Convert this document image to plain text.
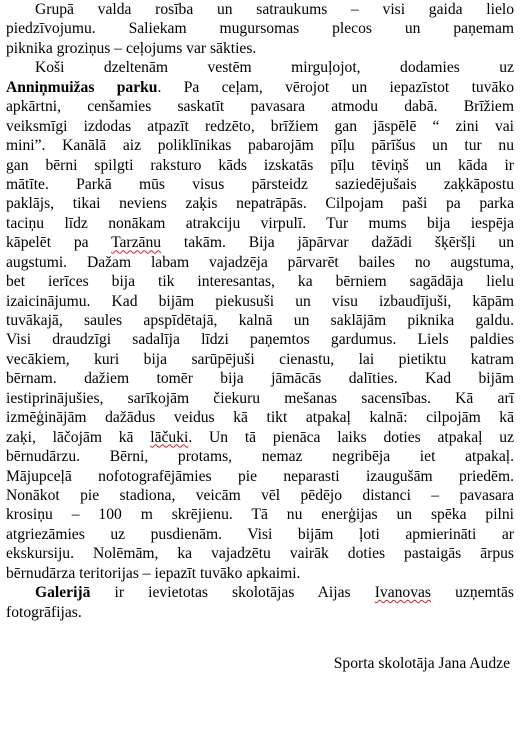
Grupā valda rosība un satraukums – visi gaida lielo
piedzīvojumu. Saliekam mugursomas plecos un paņemam
piknika groziņus – ceļojums var sākties.
Koši dzeltenām vestēm mirguļojot, dodamies uz
Anniņmuižas parku. Pa ceļam, vērojot un iepazīstot tuvāko
apkārtni, cenšamies saskatīt pavasara atmodu dabā. Brīžiem
veiksmīgi izdodas atpazīt redzēto, brīžiem gan jāspēlē “ zini vai
mini”. Kanālā aiz poliklīnikas pabarojām pīļu pārīšus un tur nu
gan bērni spilgti raksturo kāds izskatās pīļu tēviņš un kāda ir
mātīte. Parkā mūs visus pārsteidz saziedējušais zaķkāpostu
paklājs, tikai neviens zaķis nepatrāpās. Cilpojam paši pa parka
taciņu līdz nonākam atrakciju virpulī. Tur mums bija iespēja
kāpelēt pa Tarzānu takām. Bija jāpārvar dažādi šķēršļi un
augstumi. Dažam labam vajadzēja pārvarēt bailes no augstuma,
bet ierīces bija tik interesantas, ka bērniem sagādāja lielu
izaicinājumu. Kad bijām piekusuši un visu izbaudījuši, kāpām
tuvākajā, saules apspīdētajā, kalnā un saklājām piknika galdu.
Visi draudzīgi sadalīja līdzi paņemtos gardumus. Liels paldies
vecākiem, kuri bija sarūpējuši cienastu, lai pietiktu katram
bērnam. dažiem tomēr bija jāmācās dalīties. Kad bijām
iestiprinājušies, sarīkojām čiekuru mešanas sacensības. Kā arī
izmēģinājām dažādus veidus kā tikt atpakaļ kalnā: cilpojām kā
zaķi, lāčojām kā lāčuki. Un tā pienāca laiks doties atpakaļ uz
bērnudārzu. Bērni, protams, nemaz negribēja iet atpakaļ.
Mājupceļā nofotografējāmies pie neparasti izaugušām priedēm.
Nonākot pie stadiona, veicām vēl pēdējo distanci – pavasara
krosiņu – 100 m skrējienu. Tā nu enerģijas un spēka pilni
atgriezāmies uz pusdienām. Visi bijām ļoti apmierināti ar
ekskursiju. Nolēmām, ka vajadzētu vairāk doties pastaigās ārpus
bērnudārza teritorijas – iepazīt tuvāko apkaimi.
Galerijā ir ievietotas skolotājas Aijas Ivanovas uzņemtās
fotogrāfijas.
Sporta skolotāja Jana Audze
